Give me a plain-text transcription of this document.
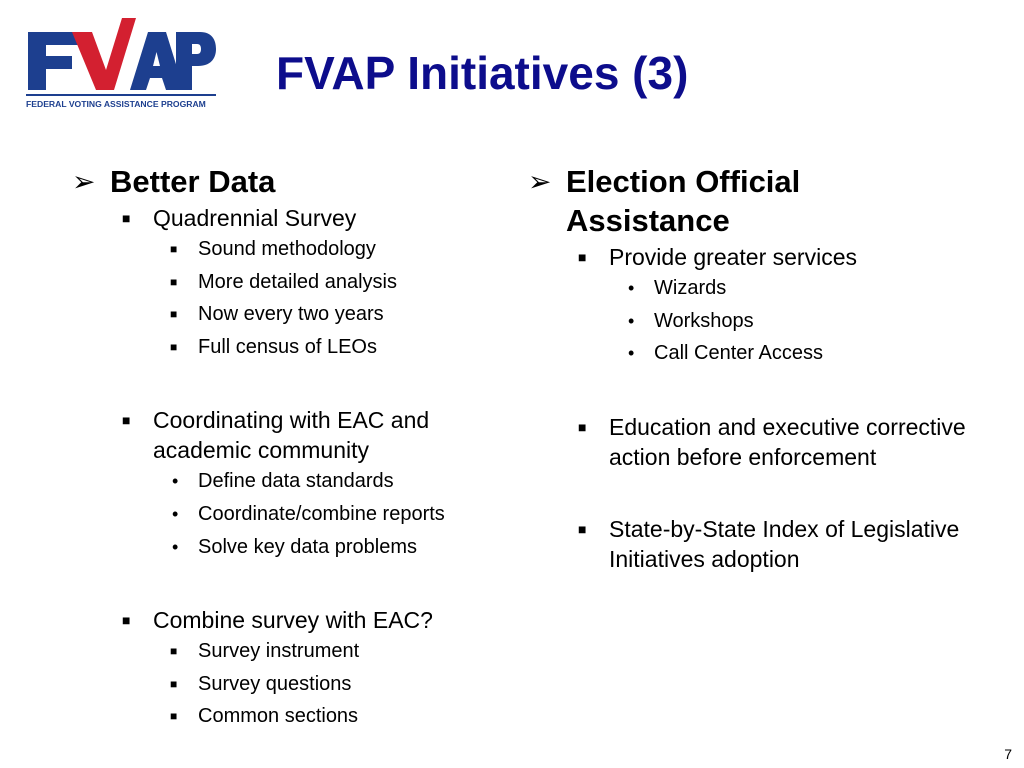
FEDERAL VOTING ASSISTANCE PROGRAM
FVAP Initiatives (3)
➢ Better Data
■ Quadrennial Survey
■ Sound methodology
■ More detailed analysis
■ Now every two years
■ Full census of LEOs
■ Coordinating with EAC and academic community
• Define data standards
• Coordinate/combine reports
• Solve key data problems
■ Combine survey with EAC?
■ Survey instrument
■ Survey questions
■ Common sections
➢ Election Official Assistance
■ Provide greater services
• Wizards
• Workshops
• Call Center Access
■ Education and executive corrective action before enforcement
■ State-by-State Index of Legislative Initiatives adoption
7
